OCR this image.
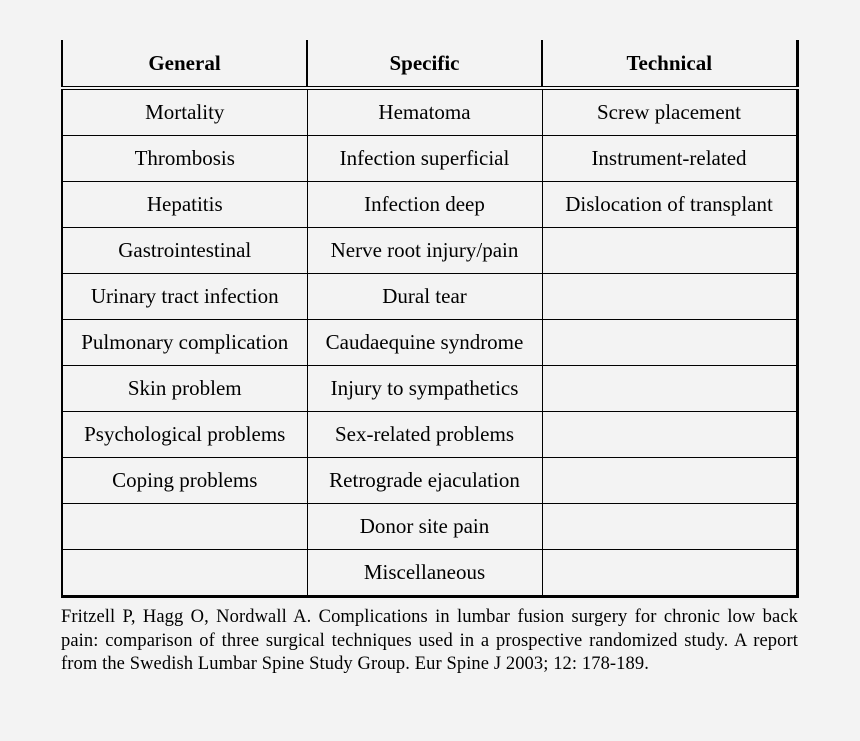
General	Specific	Technical
Mortality	Hematoma	Screw placement
Thrombosis	Infection superficial	Instrument-related
Hepatitis	Infection deep	Dislocation of transplant
Gastrointestinal	Nerve root injury/pain	
Urinary tract infection	Dural tear	
Pulmonary complication	Caudaequine syndrome	
Skin problem	Injury to sympathetics	
Psychological problems	Sex-related problems	
Coping problems	Retrograde ejaculation	
	Donor site pain	
	Miscellaneous	
Fritzell P, Hagg O, Nordwall A. Complications in lumbar fusion surgery for chronic low back pain: comparison of three surgical techniques used in a prospective randomized study. A report from the Swedish Lumbar Spine Study Group. Eur Spine J 2003; 12: 178-189.
